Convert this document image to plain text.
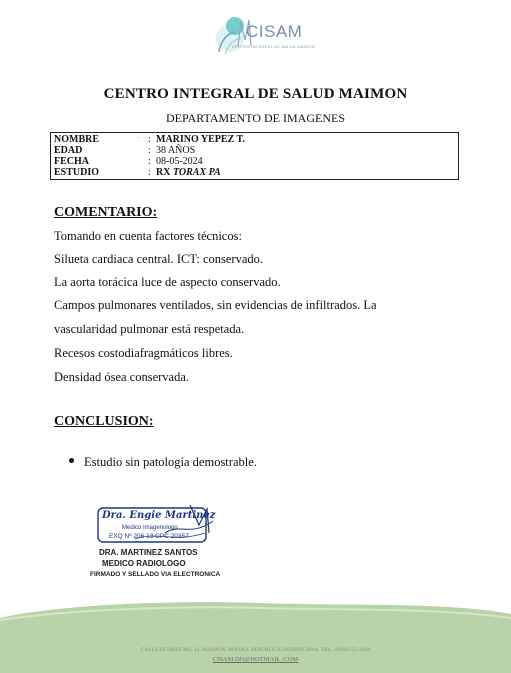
CISAM
CENTRO INTEGRAL DE SALUD MAIMON
CENTRO INTEGRAL DE SALUD MAIMON
DEPARTAMENTO DE IMAGENES
~
NOMBRE	: MARINO YEPEZ T.
EDAD	: 38 AÑOS
FECHA	: 08-05-2024
ESTUDIO	: RX TORAX PA
COMENTARIO:
Tomando en cuenta factores técnicos:
Silueta cardiaca central. ICT: conservado.
La aorta torácica luce de aspecto conservado.
Campos pulmonares ventilados, sin evidencias de infiltrados. La
vascularidad pulmonar está respetada.
Recesos costodiafragmáticos libres.
Densidad ósea conservada.
CONCLUSION:
Estudio sin patología demostrable.
Dra. Engie Martinez
Medico Imagenologo
EXQ Nº 206 13 CPC 20357
DRA. MARTINEZ SANTOS
MEDICO RADIOLOGO
FIRMADO Y SELLADO VIA ELECTRONICA
CALLE DUARTE NO. 13, MAIMÓN, BONAO, REPUBLICA DOMINICANA, TEL.: (809)-551-2106
CISAM.DO@HOTMAIL .COM
